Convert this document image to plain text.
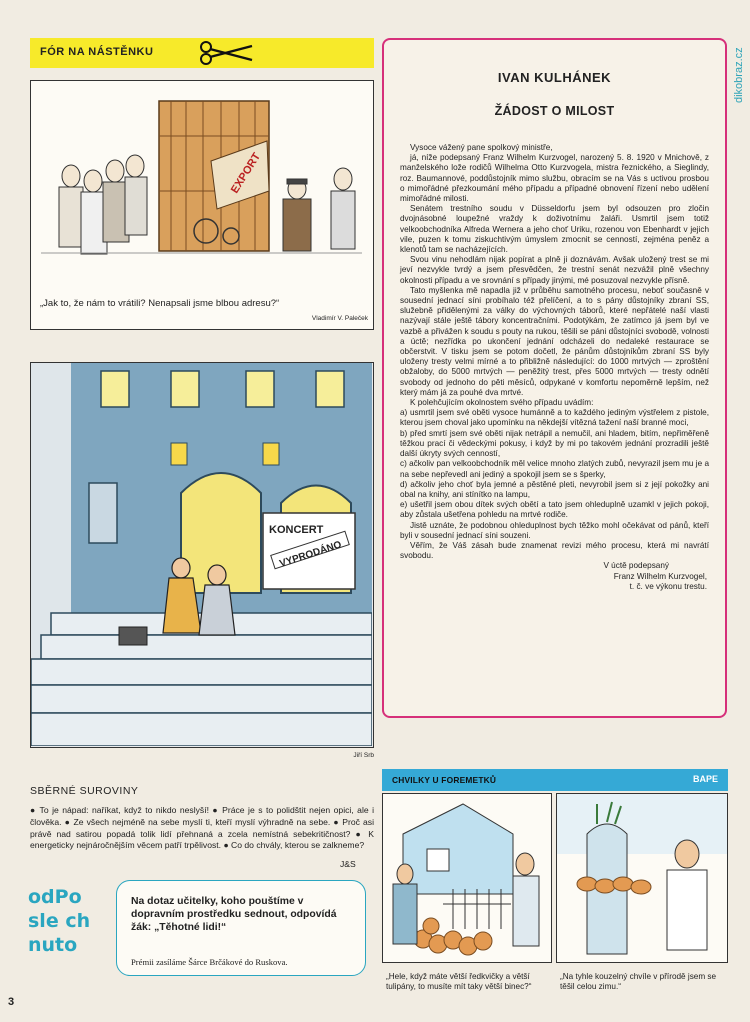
FÓR NA NÁSTĚNKU
EXPORT
„Jak to, že nám to vrátili? Nenapsali jsme blbou adresu?“
Vladimír V. Paleček
KONCERT
VYPRODÁNO
Jiří Srb
IVAN KULHÁNEK
ŽÁDOST O MILOST

Vysoce vážený pane spolkový ministře,

já, níže podepsaný Franz Wilhelm Kurzvogel, narozený 5. 8. 1920 v Mnichově, z manželského lože rodičů Wilhelma Otto Kurzvogela, mistra řeznického, a Sieglindy, roz. Baumannové, poddůstojník mimo službu, obracím se na Vás s uctivou prosbou o mimořádné přezkoumání mého případu a případné obnovení řízení nebo udělení mimořádné milosti.

Senátem trestního soudu v Düsseldorfu jsem byl odsouzen pro zločin dvojnásobné loupežné vraždy k doživotnímu žaláři. Usmrtil jsem totiž velkoobchodníka Alfreda Wernera a jeho choť Uriku, rozenou von Ebenhardt v jejich vile, puzen k tomu ziskuchtivým úmyslem zmocnit se cenností, zejména peněz a klenotů tam se nacházejících.

Svou vinu nehodlám nijak popírat a plně ji doznávám. Avšak uložený trest se mi jeví nezvykle tvrdý a jsem přesvědčen, že trestní senát nezvážil plně všechny okolnosti případu a ve srovnání s případy jinými, mé posuzoval nezvykle přísně.

Tato myšlenka mě napadla již v průběhu samotného procesu, neboť současně v sousední jednací síni probíhalo též přelíčení, a to s pány důstojníky zbraní SS, služebně přidělenými za války do výchovných táborů, které nepřátelé naší vlasti nazývají stále ještě tábory koncentračními. Podotýkám, že zatímco já jsem byl ve vazbě a přivážen k soudu s pouty na rukou, těšili se páni důstojníci svobodě, volnosti a úctě; nezřídka po ukončení jednání odcházeli do nedaleké restaurace se občerstvit. V tisku jsem se potom dočetl, že pánům důstojníkům zbraní SS byly uloženy tresty velmi mírné a to přibližně následující: do 1000 mrtvých — zproštění obžaloby, do 5000 mrtvých — peněžitý trest, přes 5000 mrtvých — tresty odnětí svobody od jednoho do pěti měsíců, odpykané v komfortu nepoměrně lepším, než který mám já za pouhé dva mrtvé.

K polehčujícím okolnostem svého případu uvádím:

a) usmrtil jsem své oběti vysoce humánně a to každého jediným výstřelem z pistole, kterou jsem choval jako upomínku na někdejší vítězná tažení naší branné moci,

b) před smrtí jsem své oběti nijak netrápil a nemučil, ani hladem, bitím, nepřiměřeně těžkou prací či vědeckými pokusy, i když by mi po takovém jednání prozradili ještě další úkryty svých cenností,

c) ačkoliv pan velkoobchodník měl velice mnoho zlatých zubů, nevyrazil jsem mu je a na sebe nepřevedl ani jediný a spokojil jsem se s šperky,

d) ačkoliv jeho choť byla jemné a pěstěné pleti, nevyrobil jsem si z její pokožky ani obal na knihy, ani stínítko na lampu,

e) ušetřil jsem obou dítek svých obětí a tato jsem ohleduplně uzamkl v jejich pokoji, aby zůstala ušetřena pohledu na mrtvé rodiče.

Jistě uznáte, že podobnou ohleduplnost bych těžko mohl očekávat od pánů, kteří byli v sousední jednací síni souzeni.

Věřím, že Váš zásah bude znamenat revizi mého procesu, která mi navrátí svobodu.

V úctě podepsaný

Franz Wilhelm Kurzvogel,

t. č. ve výkonu trestu.

dikobraz.cz
SBĚRNÉ SUROVINY
● To je nápad: naříkat, když to nikdo neslyší! ● Práce je s to polidštit nejen opici, ale i člověka. ● Ze všech nejméně na sebe myslí ti, kteří myslí výhradně na sebe. ● Proč asi právě nad satirou popadá tolik lidí přehnaná a zcela nemístná sebekritičnost? ● K energeticky nejnáročnějším věcem patří trpělivost. ● Co do chvály, kterou se zalkneme?
J&S
odPo
sle ch
nuto
Na dotaz učitelky, koho pouštíme v dopravním prostředku sednout, odpovídá žák: „Těhotné lidi!“
Prémii zasíláme Šárce Brčákové do Ruskova.
3
CHVILKY U FOREMETKŮ	BAPE
„Hele, když máte větší ředkvičky a větší tulipány, to musíte mít taky větší binec?“
„Na tyhle kouzelný chvíle v přírodě jsem se těšil celou zimu.“
